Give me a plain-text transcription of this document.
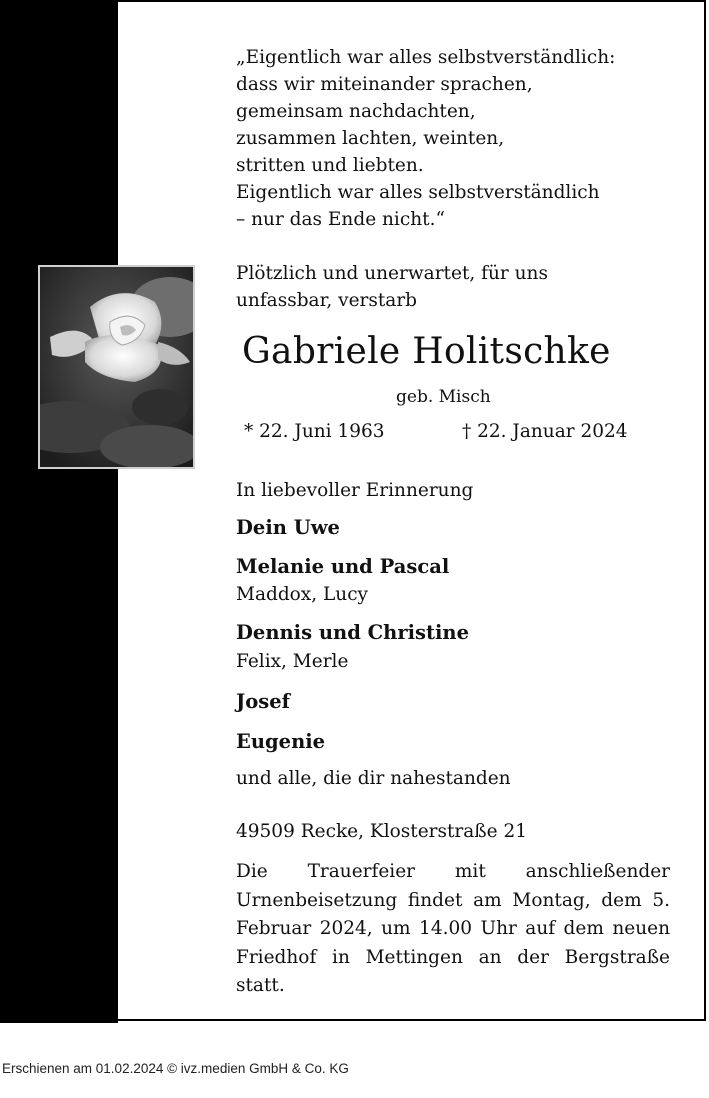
„Eigentlich war alles selbstverständlich:
dass wir miteinander sprachen,
gemeinsam nachdachten,
zusammen lachten, weinten,
stritten und liebten.
Eigentlich war alles selbstverständlich
– nur das Ende nicht.“

Plötzlich und unerwartet, für uns
unfassbar, verstarb

Gabriele Holitschke

geb. Misch

* 22. Juni 1963	† 22. Januar 2024

In liebevoller Erinnerung

Dein Uwe

Melanie und Pascal

Maddox, Lucy

Dennis und Christine

Felix, Merle

Josef

Eugenie

und alle, die dir nahestanden

49509 Recke, Klosterstraße 21

Die Trauerfeier mit anschließender Urnenbeisetzung findet am Montag, dem 5. Februar 2024, um 14.00 Uhr auf dem neuen Friedhof in Mettingen an der Bergstraße statt.

Erschienen am 01.02.2024 © ivz.medien GmbH & Co. KG
